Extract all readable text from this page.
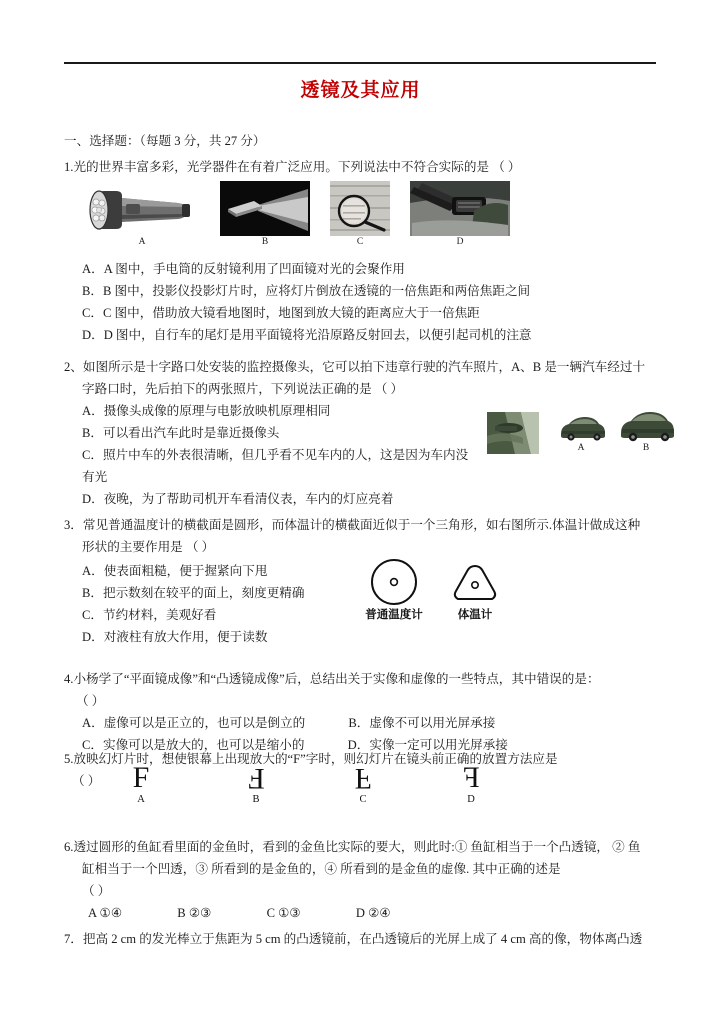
透镜及其应用
一、选择题：（每题 3 分，共 27 分）
1.光的世界丰富多彩，光学器件在有着广泛应用。下列说法中不符合实际的是 （ ）
A	B	C	D
A．A 图中，手电筒的反射镜利用了凹面镜对光的会聚作用
B．B 图中，投影仪投影灯片时，应将灯片倒放在透镜的一倍焦距和两倍焦距之间
C．C 图中，借助放大镜看地图时，地图到放大镜的距离应大于一倍焦距
D．D 图中，自行车的尾灯是用平面镜将光沿原路反射回去，以便引起司机的注意
2、如图所示是十字路口处安装的监控摄像头，它可以拍下违章行驶的汽车照片，A、B 是一辆汽车经过十
字路口时，先后拍下的两张照片，下列说法正确的是 （ ）
A．摄像头成像的原理与电影放映机原理相同
B．可以看出汽车此时是靠近摄像头
C．照片中车的外表很清晰，但几乎看不见车内的人，这是因为车内没
有光
D．夜晚，为了帮助司机开车看清仪表，车内的灯应亮着
A	B
3．常见普通温度计的横截面是圆形，而体温计的横截面近似于一个三角形，如右图所示.体温计做成这种
形状的主要作用是 （ ）
A．使表面粗糙，便于握紧向下甩
B．把示数刻在较平的面上，刻度更精确
C．节约材料，美观好看
D．对液柱有放大作用，便于读数
普通温度计	体温计
4.小杨学了“平面镜成像”和“凸透镜成像”后，总结出关于实像和虚像的一些特点，其中错误的是：
（ ）
A．虚像可以是正立的，也可以是倒立的	B．虚像不可以用光屏承接
C．实像可以是放大的，也可以是缩小的	D．实像一定可以用光屏承接
5.放映幻灯片时，想使银幕上出现放大的“F”字时，则幻灯片在镜头前正确的放置方法应是
（ ）	F
A
F
B
F
C
F
D
6.透过圆形的鱼缸看里面的金鱼时，看到的金鱼比实际的要大，则此时:① 鱼缸相当于一个凸透镜， ② 鱼
缸相当于一个凹透，③ 所看到的是金鱼的，④ 所看到的是金鱼的虚像. 其中正确的述是
（ ）
A ①④	B ②③	C ①③	D ②④
7．把高 2 cm 的发光棒立于焦距为 5 cm 的凸透镜前，在凸透镜后的光屏上成了 4 cm 高的像，物体离凸透
